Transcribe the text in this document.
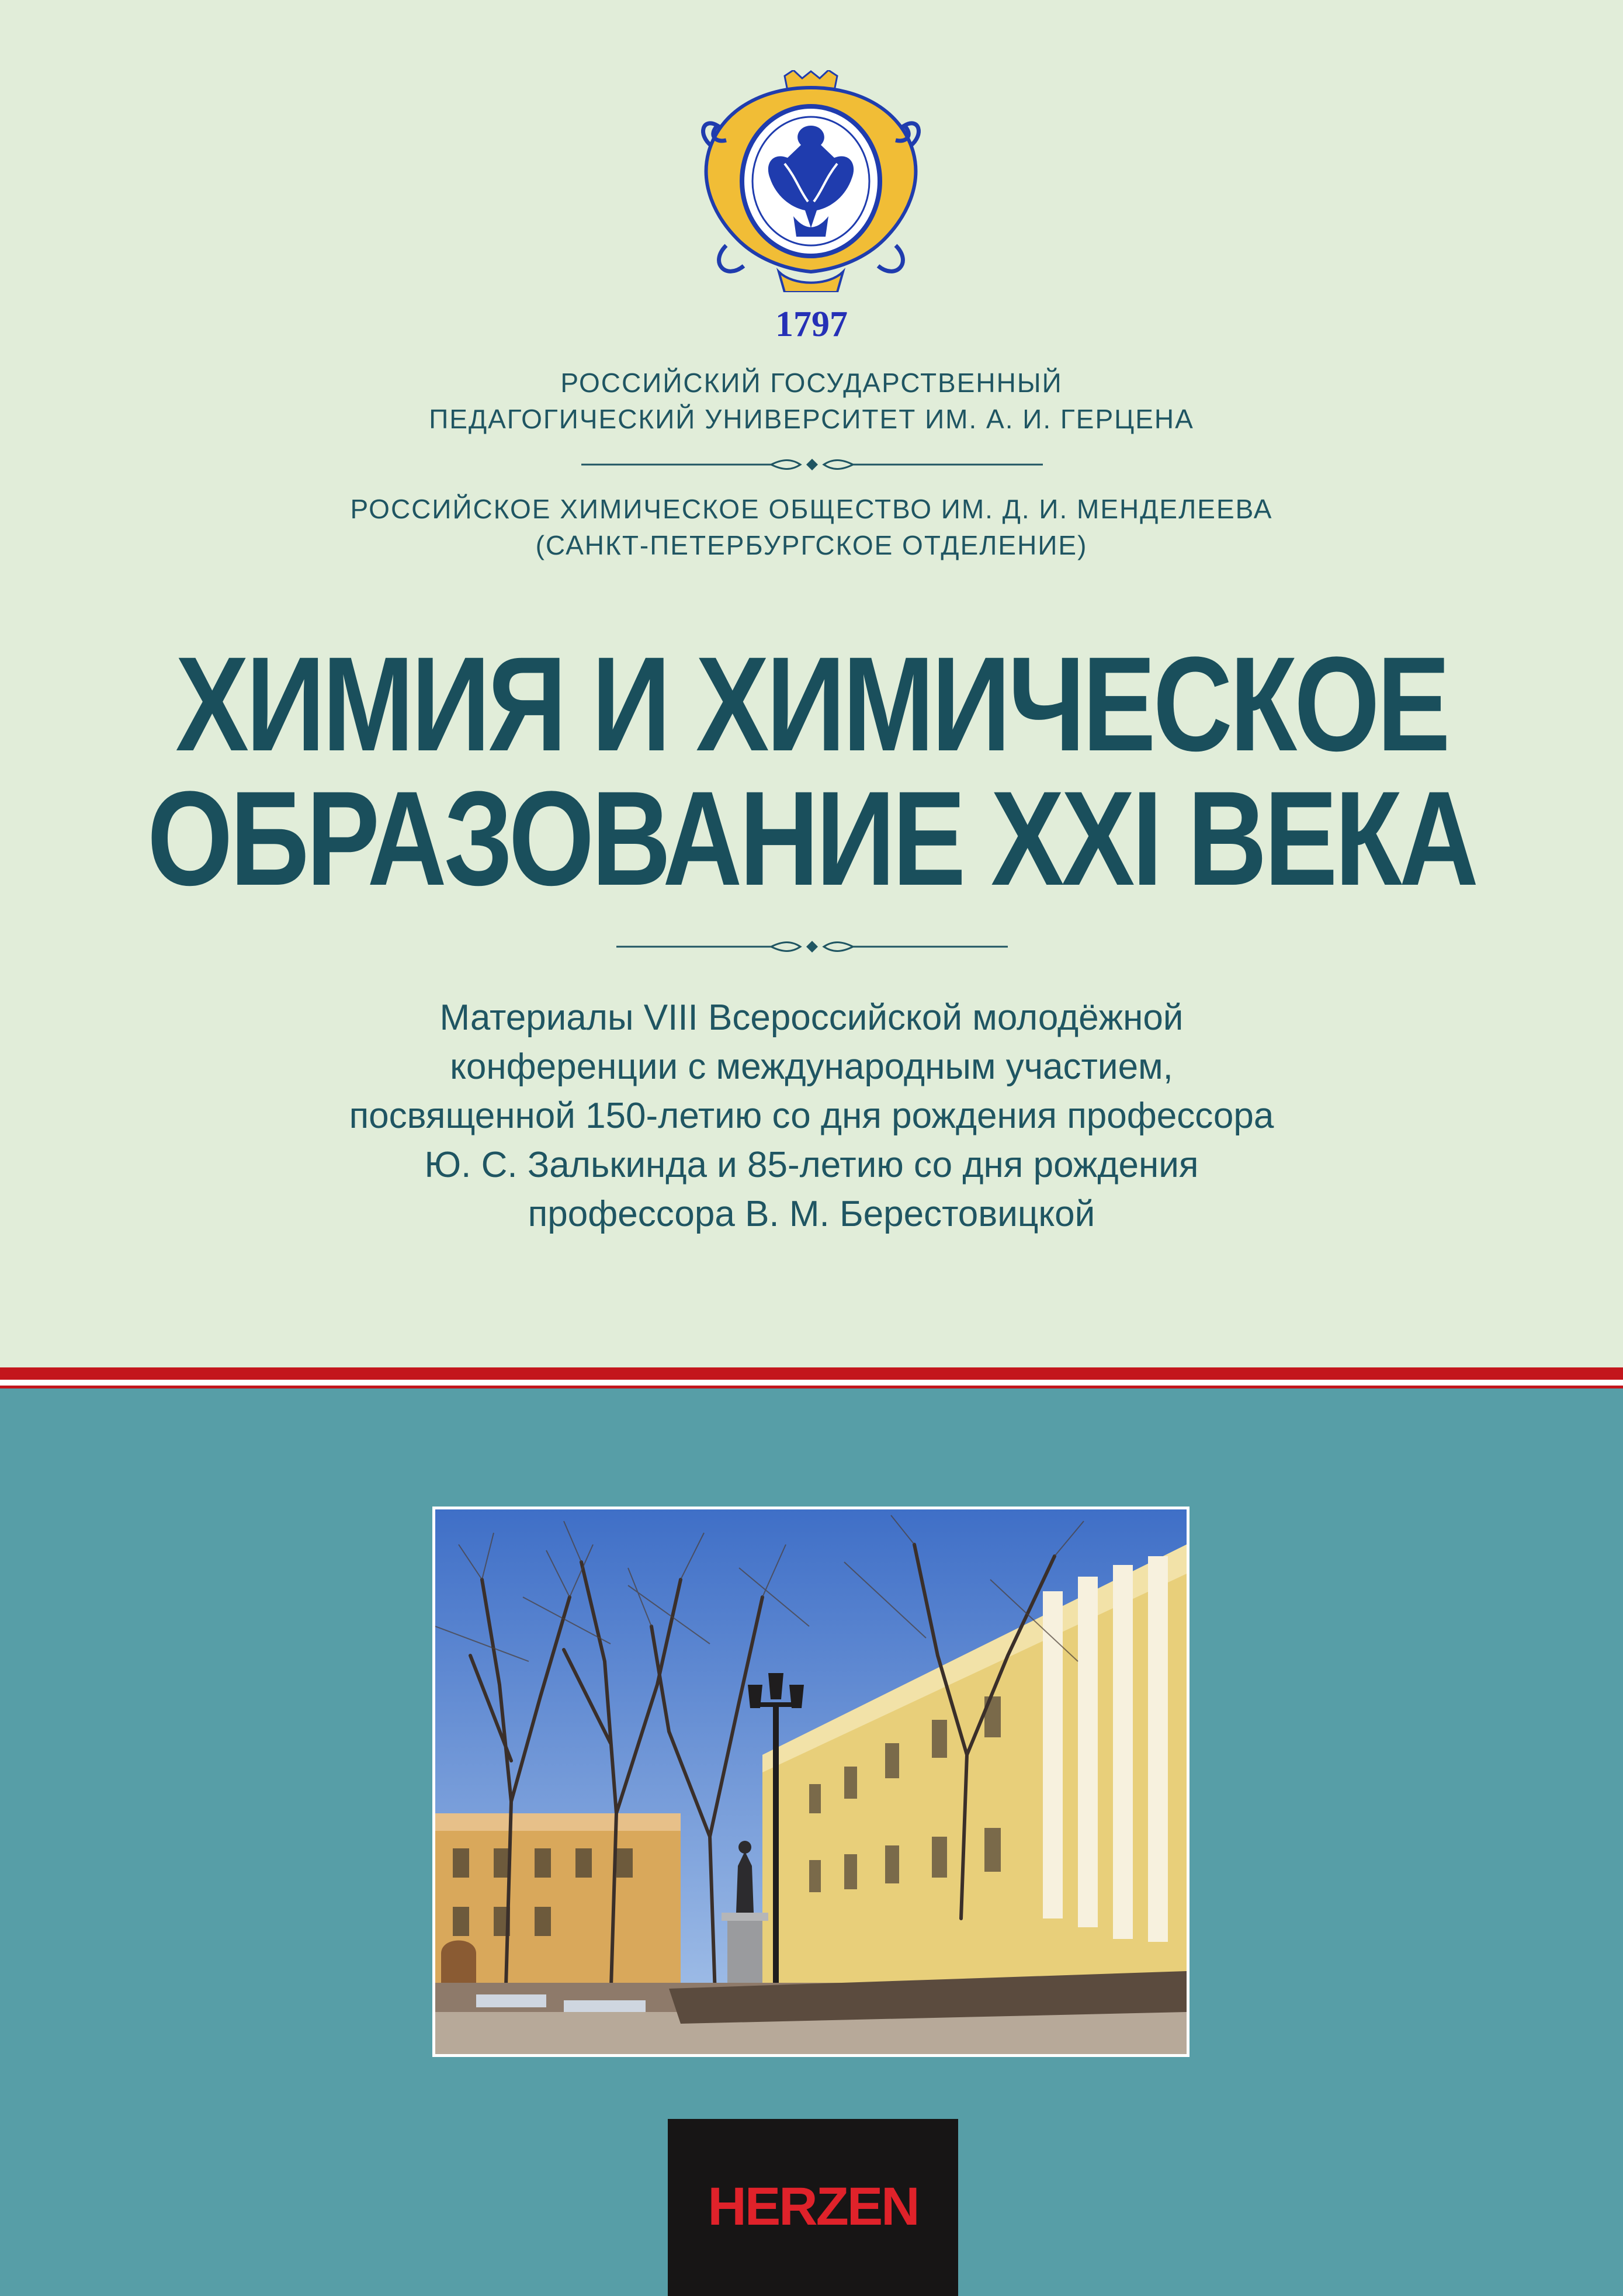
1797
РОССИЙСКИЙ ГОСУДАРСТВЕННЫЙ
ПЕДАГОГИЧЕСКИЙ УНИВЕРСИТЕТ ИМ. А. И. ГЕРЦЕНА
РОССИЙСКОЕ ХИМИЧЕСКОЕ ОБЩЕСТВО ИМ. Д. И. МЕНДЕЛЕЕВА
(САНКТ-ПЕТЕРБУРГСКОЕ ОТДЕЛЕНИЕ)
ХИМИЯ И ХИМИЧЕСКОЕ
ОБРАЗОВАНИЕ XXI ВЕКА
Материалы VIII Всероссийской молодёжной
конференции с международным участием,
посвященной 150-летию со дня рождения профессора
Ю. С. Залькинда и 85-летию со дня рождения
профессора В. М. Берестовицкой
HERZEN
